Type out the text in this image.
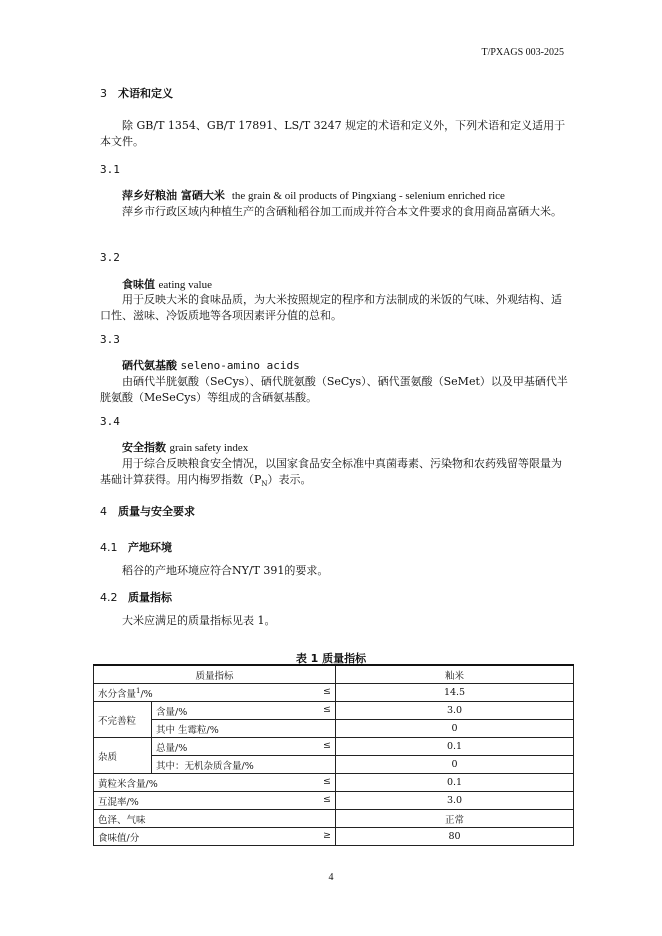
T/PXAGS 003-2025
3 术语和定义
除 GB/T 1354、GB/T 17891、LS/T 3247 规定的术语和定义外，下列术语和定义适用于本文件。
3.1
萍乡好粮油 富硒大米 the grain & oil products of Pingxiang - selenium enriched rice
萍乡市行政区域内种植生产的含硒籼稻谷加工而成并符合本文件要求的食用商品富硒大米。
3.2
食味值 eating value
用于反映大米的食味品质，为大米按照规定的程序和方法制成的米饭的气味、外观结构、适口性、滋味、冷饭质地等各项因素评分值的总和。
3.3
硒代氨基酸 seleno-amino acids
由硒代半胱氨酸（SeCys）、硒代胱氨酸（SeCys）、硒代蛋氨酸（SeMet）以及甲基硒代半胱氨酸（MeSeCys）等组成的含硒氨基酸。
3.4
安全指数 grain safety index
用于综合反映粮食安全情况，以国家食品安全标准中真菌毒素、污染物和农药残留等限量为基础计算获得。用内梅罗指数$(P_N)$表示。
4 质量与安全要求
4.1 产地环境
稻谷的产地环境应符合NY/T 391的要求。
4.2 质量指标
大米应满足的质量指标见表 1。
表 1 质量指标
质量指标		籼米
水分含量$^1$/% ≤		14.5
不完善粒	含量/% ≤	3.0
	其中 生霉粒/%	0
杂质	总量/% ≤	0.1
	其中：无机杂质含量/%	0
黄粒米含量/% ≤		0.1
互混率/% ≤		3.0
色泽、气味		正常
食味值/分 ≥		80
4
